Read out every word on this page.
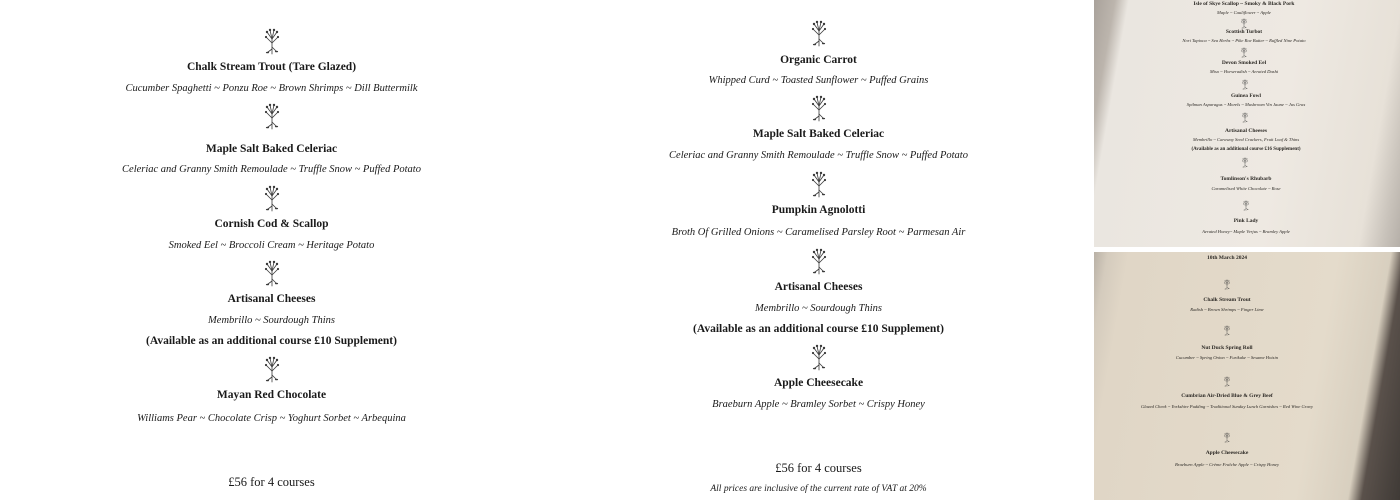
Chalk Stream Trout (Tare Glazed)
Cucumber Spaghetti ~ Ponzu Roe ~ Brown Shrimps ~ Dill Buttermilk
Maple Salt Baked Celeriac
Celeriac and Granny Smith Remoulade ~ Truffle Snow ~ Puffed Potato
Cornish Cod & Scallop
Smoked Eel ~ Broccoli Cream ~ Heritage Potato
Artisanal Cheeses
Membrillo ~ Sourdough Thins
(Available as an additional course £10 Supplement)
Mayan Red Chocolate
Williams Pear ~ Chocolate Crisp ~ Yoghurt Sorbet ~ Arbequina
£56 for 4 courses
Organic Carrot
Whipped Curd ~ Toasted Sunflower ~ Puffed Grains
Maple Salt Baked Celeriac
Celeriac and Granny Smith Remoulade ~ Truffle Snow ~ Puffed Potato
Pumpkin Agnolotti
Broth Of Grilled Onions ~ Caramelised Parsley Root ~ Parmesan Air
Artisanal Cheeses
Membrillo ~ Sourdough Thins
(Available as an additional course £10 Supplement)
Apple Cheesecake
Braeburn Apple ~ Bramley Sorbet ~ Crispy Honey
£56 for 4 courses
All prices are inclusive of the current rate of VAT at 20%
Isle of Skye Scallop ~ Smoky & Black Pork
Maple ~ Cauliflower ~ Apple
Scottish Turbot
Nori Tapioca ~ Sea Herbs ~ Pike Roe Butter ~ Ruffled Nine Potato
Devon Smoked Eel
Miso ~ Horseradish ~ Aerated Dashi
Guinea Fowl
Spilman Asparagus ~ Morels ~ Mushroom Vin Jaune ~ Jus Gras
Artisanal Cheeses
Membrillo ~ Caraway Seed Crackers, Fruit Loaf & Thins
(Available as an additional course £16 Supplement)
Tomlinson's Rhubarb
Caramelised White Chocolate ~ Rose
Pink Lady
Aerated Honey~ Maple Verjus ~ Bramley Apple
10th March 2024
Chalk Stream Trout
Radish ~ Brown Shrimps ~ Finger Lime
Nut Duck Spring Roll
Cucumber ~ Spring Onion ~ Furikake ~ Sesame Hoisin
Cumbrian Air-Dried Blue & Grey Beef
Glazed Cheek ~ Yorkshire Pudding ~ Traditional Sunday Lunch Garnishes ~ Red Wine Gravy
Apple Cheesecake
Braeburn Apple ~ Crème Fraîche Apple ~ Crispy Honey
